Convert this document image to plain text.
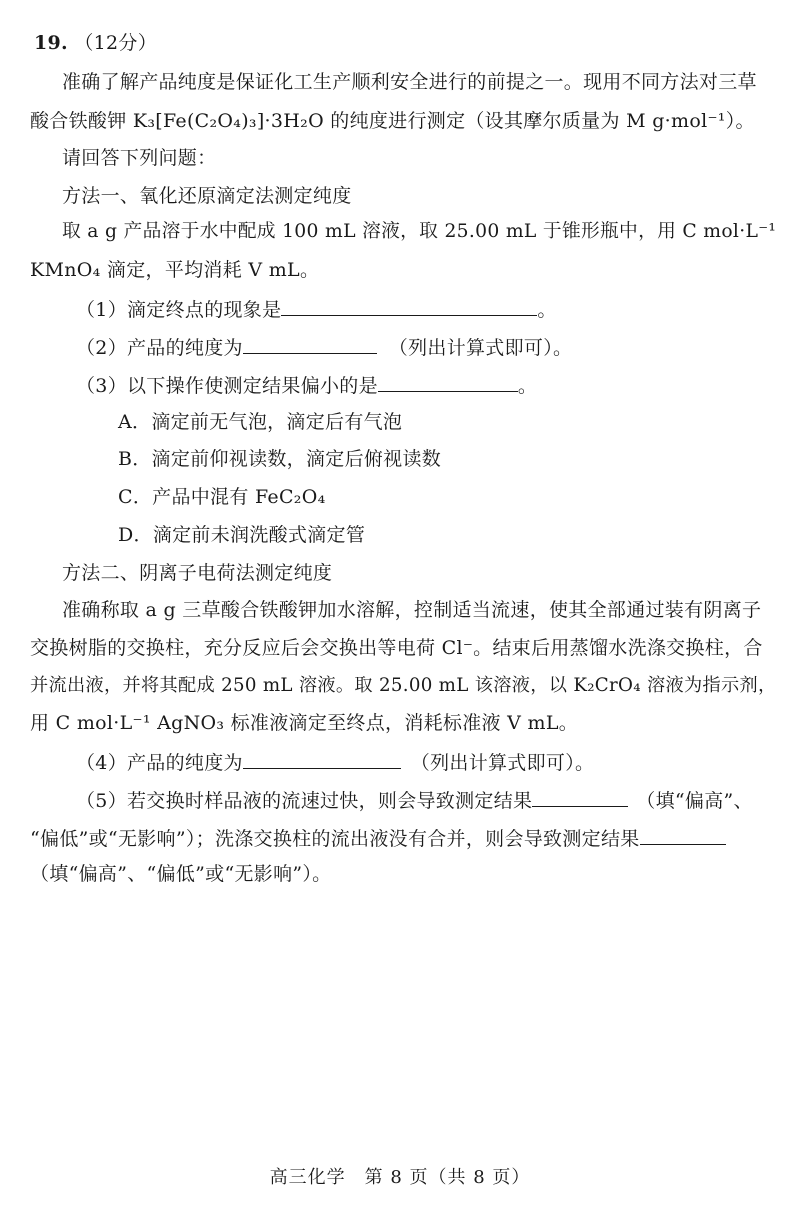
19. （12分）
准确了解产品纯度是保证化工生产顺利安全进行的前提之一。现用不同方法对三草
酸合铁酸钾 K₃[Fe(C₂O₄)₃]·3H₂O 的纯度进行测定（设其摩尔质量为 M g·mol⁻¹）。
请回答下列问题：
方法一、氧化还原滴定法测定纯度
取 a g 产品溶于水中配成 100 mL 溶液，取 25.00 mL 于锥形瓶中，用 C mol·L⁻¹
KMnO₄ 滴定，平均消耗 V mL。
（1）滴定终点的现象是	。
（2）产品的纯度为	（列出计算式即可）。
（3）以下操作使测定结果偏小的是	。
A．滴定前无气泡，滴定后有气泡
B．滴定前仰视读数，滴定后俯视读数
C．产品中混有 FeC₂O₄
D．滴定前未润洗酸式滴定管
方法二、阴离子电荷法测定纯度
准确称取 a g 三草酸合铁酸钾加水溶解，控制适当流速，使其全部通过装有阴离子
交换树脂的交换柱，充分反应后会交换出等电荷 Cl⁻。结束后用蒸馏水洗涤交换柱，合
并流出液，并将其配成 250 mL 溶液。取 25.00 mL 该溶液，以 K₂CrO₄ 溶液为指示剂，
用 C mol·L⁻¹ AgNO₃ 标准液滴定至终点，消耗标准液 V mL。
（4）产品的纯度为	（列出计算式即可）。
（5）若交换时样品液的流速过快，则会导致测定结果	（填“偏高”、
“偏低”或“无影响”）；洗涤交换柱的流出液没有合并，则会导致测定结果
（填“偏高”、“偏低”或“无影响”）。
高三化学　第 8 页（共 8 页）
